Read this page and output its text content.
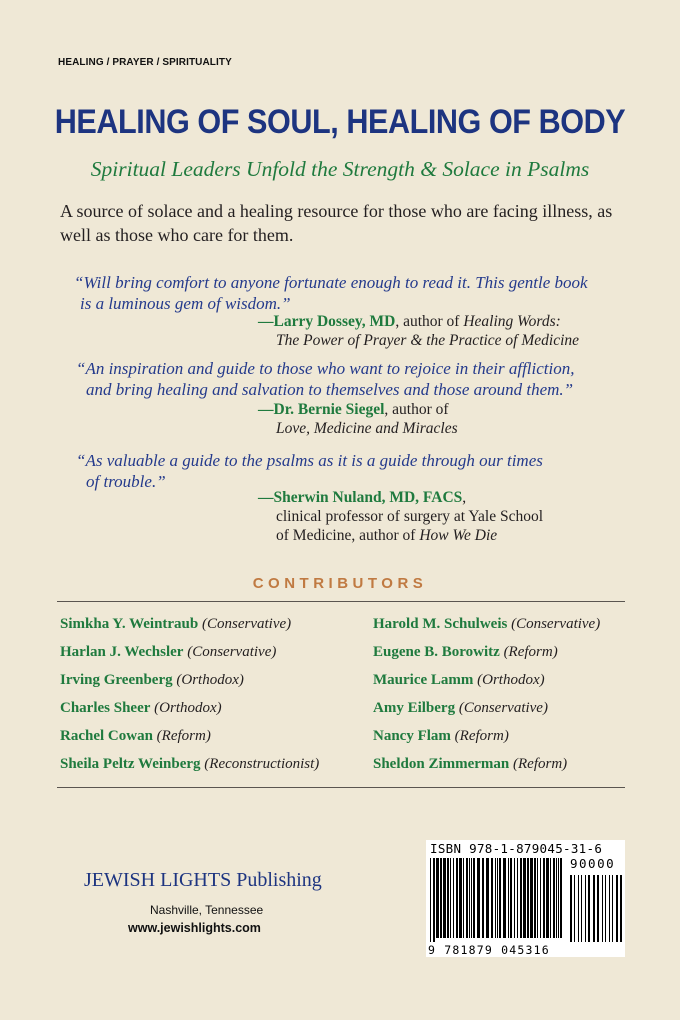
HEALING / PRAYER / SPIRITUALITY
HEALING OF SOUL, HEALING OF BODY
Spiritual Leaders Unfold the Strength & Solace in Psalms
A source of solace and a healing resource for those who are facing illness, as well as those who care for them.
“Will bring comfort to anyone fortunate enough to read it. This gentle book
is a luminous gem of wisdom.”
—Larry Dossey, MD, author of Healing Words:
The Power of Prayer & the Practice of Medicine
“An inspiration and guide to those who want to rejoice in their affliction,
and bring healing and salvation to themselves and those around them.”
—Dr. Bernie Siegel, author of
Love, Medicine and Miracles
“As valuable a guide to the psalms as it is a guide through our times
of trouble.”
—Sherwin Nuland, MD, FACS,
clinical professor of surgery at Yale School
of Medicine, author of How We Die
CONTRIBUTORS
Simkha Y. Weintraub (Conservative)
Harlan J. Wechsler (Conservative)
Irving Greenberg (Orthodox)
Charles Sheer (Orthodox)
Rachel Cowan (Reform)
Sheila Peltz Weinberg (Reconstructionist)
Harold M. Schulweis (Conservative)
Eugene B. Borowitz (Reform)
Maurice Lamm (Orthodox)
Amy Eilberg (Conservative)
Nancy Flam (Reform)
Sheldon Zimmerman (Reform)
JEWISH LIGHTS Publishing
Nashville, Tennessee
www.jewishlights.com
ISBN 978-1-879045-31-6
90000
9 781879 045316
